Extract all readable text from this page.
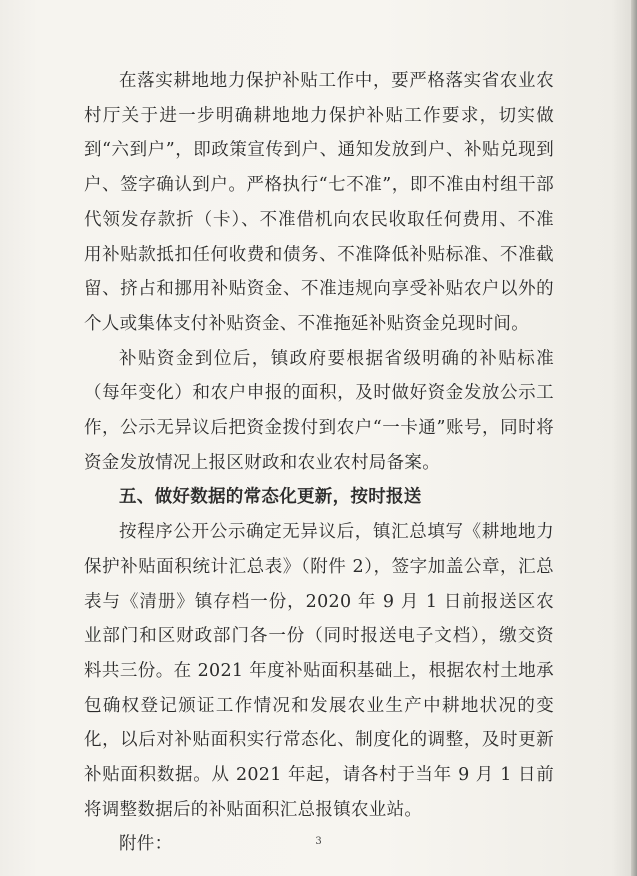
在落实耕地地力保护补贴工作中，要严格落实省农业农村厅关于进一步明确耕地地力保护补贴工作要求，切实做到“六到户”，即政策宣传到户、通知发放到户、补贴兑现到户、签字确认到户。严格执行“七不准”，即不准由村组干部代领发存款折（卡）、不准借机向农民收取任何费用、不准用补贴款抵扣任何收费和债务、不准降低补贴标准、不准截留、挤占和挪用补贴资金、不准违规向享受补贴农户以外的个人或集体支付补贴资金、不准拖延补贴资金兑现时间。

补贴资金到位后，镇政府要根据省级明确的补贴标准（每年变化）和农户申报的面积，及时做好资金发放公示工作，公示无异议后把资金拨付到农户“一卡通”账号，同时将资金发放情况上报区财政和农业农村局备案。

五、做好数据的常态化更新，按时报送

按程序公开公示确定无异议后，镇汇总填写《耕地地力保护补贴面积统计汇总表》（附件 2），签字加盖公章，汇总表与《清册》镇存档一份，2020 年 9 月 1 日前报送区农业部门和区财政部门各一份（同时报送电子文档），缴交资料共三份。在 2021 年度补贴面积基础上，根据农村土地承包确权登记颁证工作情况和发展农业生产中耕地状况的变化，以后对补贴面积实行常态化、制度化的调整，及时更新补贴面积数据。从 2021 年起，请各村于当年 9 月 1 日前将调整数据后的补贴面积汇总报镇农业站。

附件：	3
